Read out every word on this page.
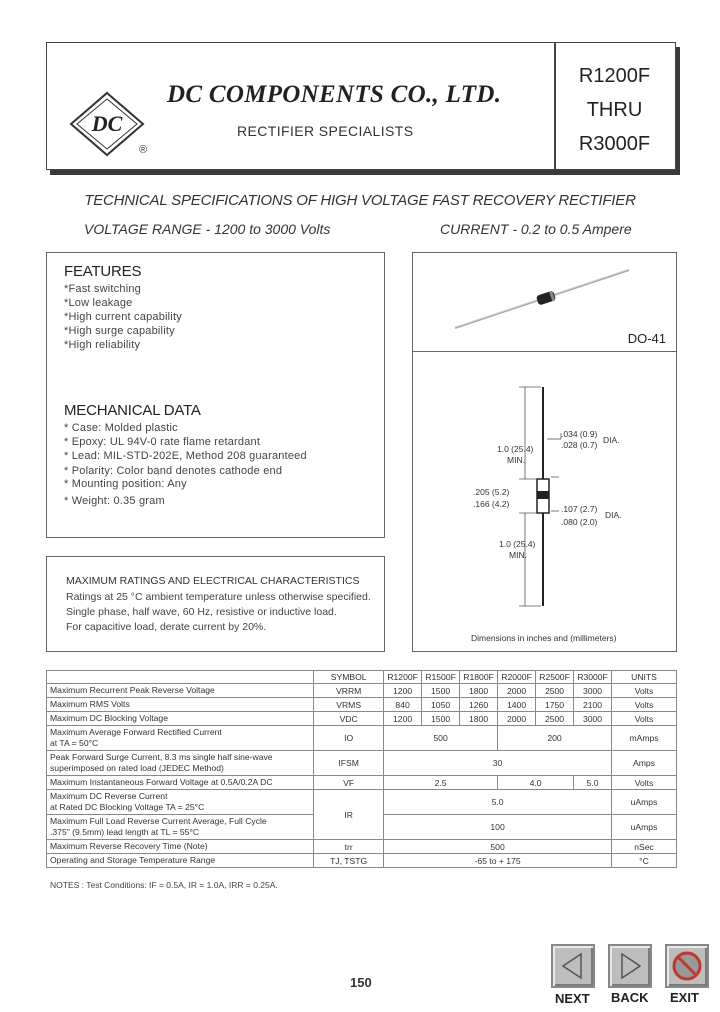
DC
®
DC COMPONENTS CO., LTD.
RECTIFIER SPECIALISTS
R1200F
THRU
R3000F
TECHNICAL SPECIFICATIONS OF HIGH VOLTAGE FAST RECOVERY RECTIFIER
VOLTAGE RANGE - 1200 to 3000 Volts	CURRENT - 0.2 to 0.5 Ampere
FEATURES
*Fast switching
*Low leakage
*High current capability
*High surge capability
*High reliability
MECHANICAL DATA
* Case: Molded plastic
* Epoxy: UL 94V-0 rate flame retardant
* Lead: MIL-STD-202E, Method 208 guaranteed
* Polarity: Color band denotes cathode end
* Mounting position: Any
* Weight: 0.35 gram
DO-41
.034 (0.9)
.028 (0.7) DIA.
1.0 (25.4)
MIN.
.205 (5.2)
.166 (4.2)	.107 (2.7)
.080 (2.0)
DIA.
1.0 (25.4)
MIN.
Dimensions in inches and (millimeters)
MAXIMUM RATINGS AND ELECTRICAL CHARACTERISTICS
Ratings at 25 °C ambient temperature unless otherwise specified.
Single phase, half wave, 60 Hz, resistive or inductive load.
For capacitive load, derate current by 20%.
	SYMBOL	R1200F	R1500F	R1800F	R2000F	R2500F	R3000F	UNITS

Maximum Recurrent Peak Reverse Voltage	VRRM	1200	1500	1800	2000	2500	3000	Volts

Maximum RMS Volts	VRMS	840	1050	1260	1400	1750	2100	Volts

Maximum DC Blocking Voltage	VDC	1200	1500	1800	2000	2500	3000	Volts

Maximum Average Forward Rectified Current
at TA = 50°C	IO	500			200			mAmps

Peak Forward Surge Current, 8.3 ms single half sine-wave
superimposed on rated load (JEDEC Method)	IFSM	30						Amps

Maximum Instantaneous Forward Voltage at 0.5A/0.2A DC	VF	2.5			4.0		5.0	Volts

Maximum DC Reverse Current
at Rated DC Blocking Voltage TA = 25°C	IR	5.0						uAmps

Maximum Full Load Reverse Current Average, Full Cycle
.375" (9.5mm) lead length at TL = 55°C		100						uAmps

Maximum Reverse Recovery Time (Note)	trr	500						nSec

Operating and Storage Temperature Range	TJ, TSTG	-65 to + 175						°C
NOTES : Test Conditions: IF = 0.5A, IR = 1.0A, IRR = 0.25A.
150
NEXT BACK EXIT
